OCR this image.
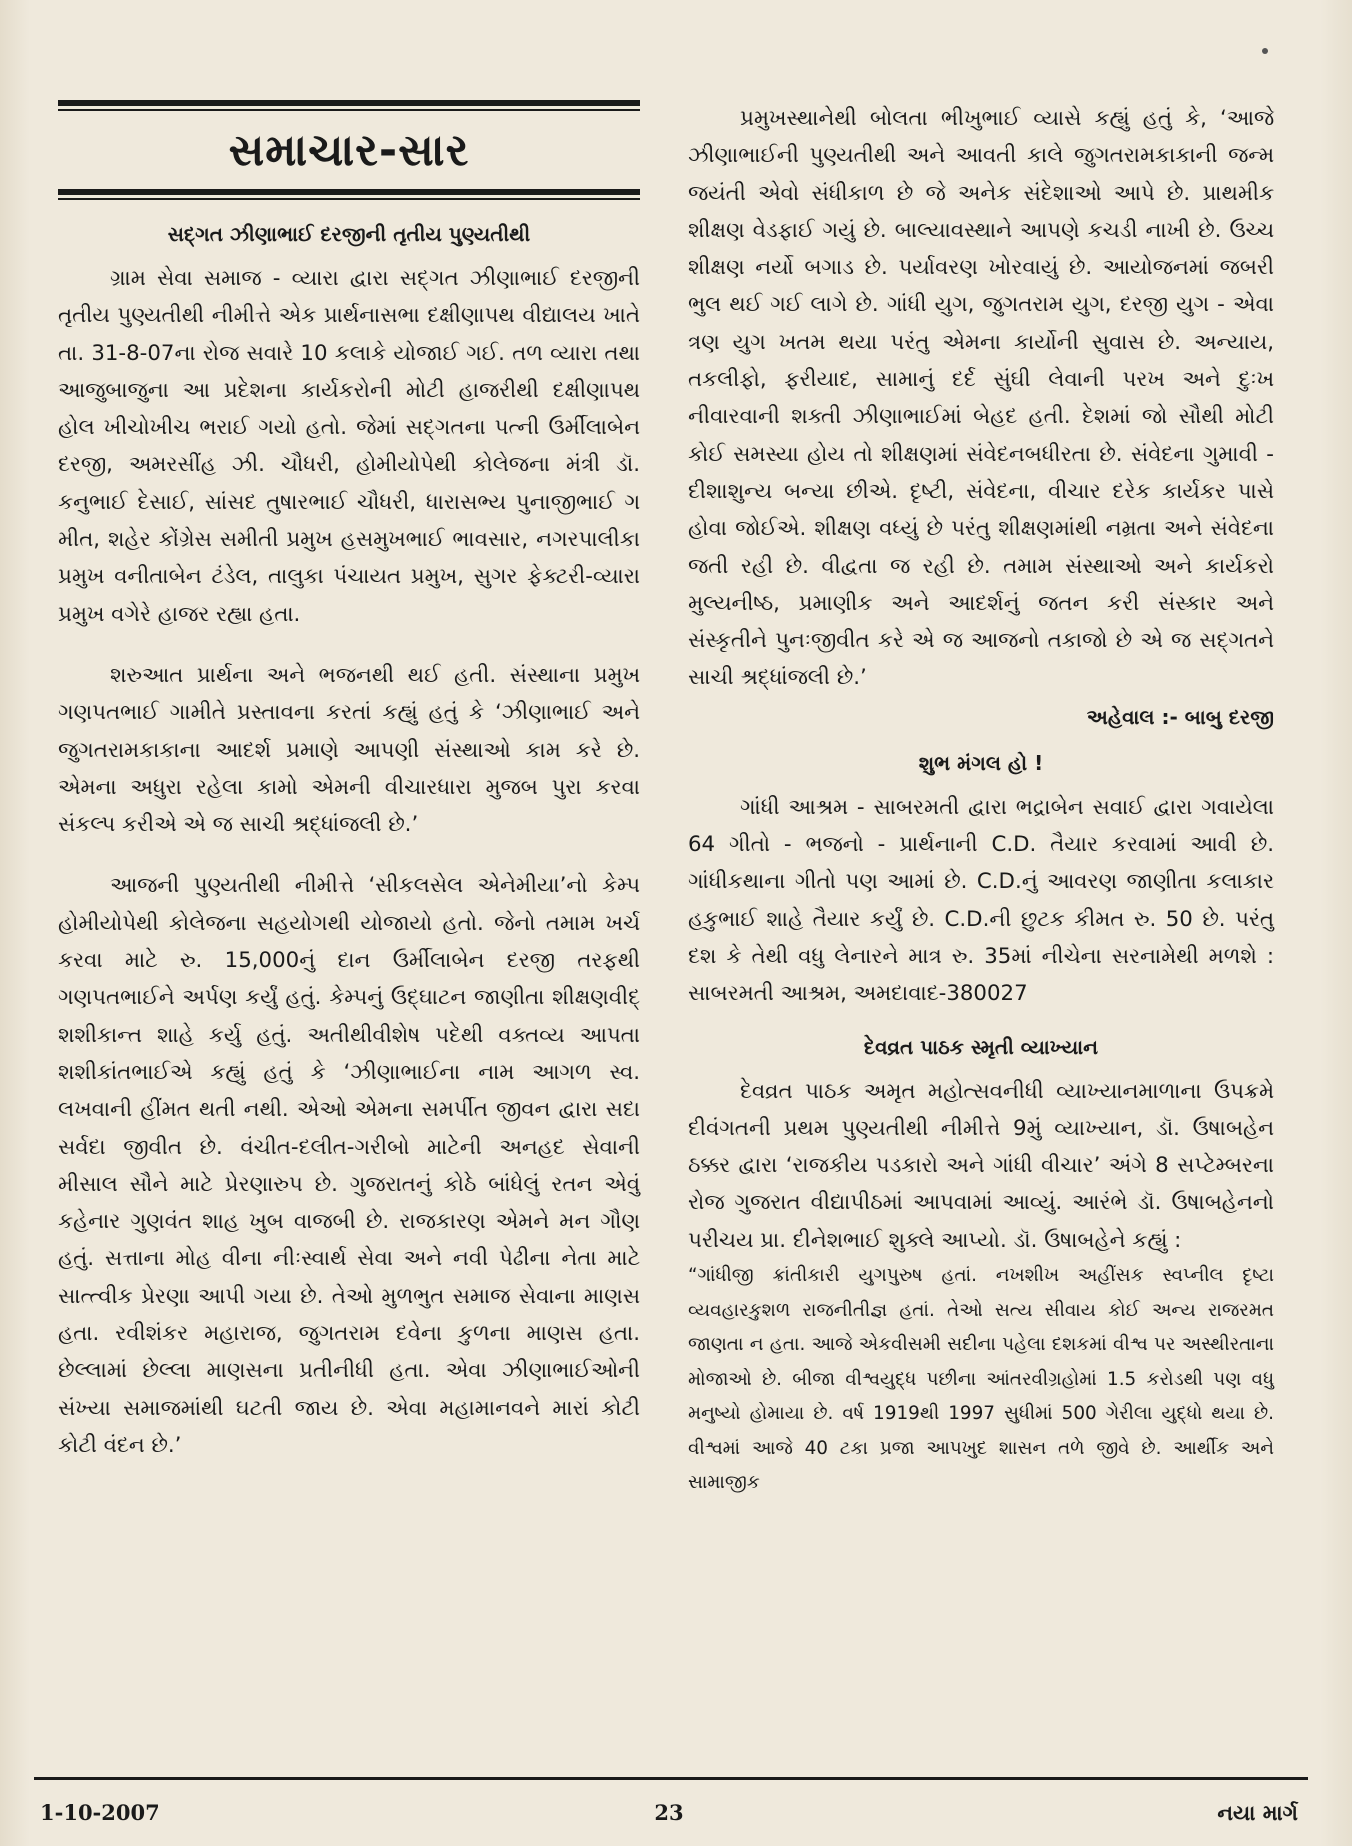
સમાચાર-સાર
સદ્ગત ઝીણાભાઈ દરજીની તૃતીય પુણ્યતીથી

ગ્રામ સેવા સમાજ - વ્યારા દ્વારા સદ્ગત ઝીણાભાઈ દરજીની તૃતીય પુણ્યતીથી નીમીત્તે એક પ્રાર્થનાસભા દક્ષીણાપથ વીદ્યાલય ખાતે તા. 31-8-07ના રોજ સવારે 10 કલાકે યોજાઈ ગઈ. તળ વ્યારા તથા આજુબાજુના આ પ્રદેશના કાર્યકરોની મોટી હાજરીથી દક્ષીણાપથ હોલ ખીચોખીચ ભરાઈ ગયો હતો. જેમાં સદ્ગતના પત્ની ઉર્મીલાબેન દરજી, અમરસીંહ ઝી. ચૌધરી, હોમીયોપેથી કોલેજના મંત્રી ડૉ. કનુભાઈ દેસાઈ, સાંસદ તુષારભાઈ ચૌધરી, ધારાસભ્ય પુનાજીભાઈ ગ મીત, શહેર કોંગ્રેસ સમીતી પ્રમુખ હસમુખભાઈ ભાવસાર, નગરપાલીકા પ્રમુખ વનીતાબેન ટંડેલ, તાલુકા પંચાયત પ્રમુખ, સુગર ફેક્ટરી-વ્યારા પ્રમુખ વગેરે હાજર રહ્યા હતા.

શરુઆત પ્રાર્થના અને ભજનથી થઈ હતી. સંસ્થાના પ્રમુખ ગણપતભાઈ ગામીતે પ્રસ્તાવના કરતાં કહ્યું હતું કે ‘ઝીણાભાઈ અને જુગતરામકાકાના આદર્શ પ્રમાણે આપણી સંસ્થાઓ કામ કરે છે. એમના અધુરા રહેલા કામો એમની વીચારધારા મુજબ પુરા કરવા સંકલ્પ કરીએ એ જ સાચી શ્રદ્ધાંજલી છે.’

આજની પુણ્યતીથી નીમીત્તે ‘સીકલસેલ એનેમીયા’નો કેમ્પ હોમીયોપેથી કોલેજના સહયોગથી યોજાયો હતો. જેનો તમામ ખર્ચ કરવા માટે રુ. 15,000નું દાન ઉર્મીલાબેન દરજી તરફથી ગણપતભાઈને અર્પણ કર્યું હતું. કેમ્પનું ઉદ્ઘાટન જાણીતા શીક્ષણવીદ્ શશીકાન્ત શાહે કર્યુ હતું. અતીથીવીશેષ પદેથી વક્તવ્ય આપતા શશીકાંતભાઈએ કહ્યું હતું કે ‘ઝીણાભાઈના નામ આગળ સ્વ. લખવાની હીંમત થતી નથી. એઓ એમના સમર્પીત જીવન દ્વારા સદા સર્વદા જીવીત છે. વંચીત-દલીત-ગરીબો માટેની અનહદ સેવાની મીસાલ સૌને માટે પ્રેરણારુપ છે. ગુજરાતનું કોઠે બાંધેલું રતન એવું કહેનાર ગુણવંત શાહ ખુબ વાજબી છે. રાજકારણ એમને મન ગૌણ હતું. સત્તાના મોહ વીના નીઃસ્વાર્થ સેવા અને નવી પેઢીના નેતા માટે સાત્ત્વીક પ્રેરણા આપી ગયા છે. તેઓ મુળભુત સમાજ સેવાના માણસ હતા. રવીશંકર મહારાજ, જુગતરામ દવેના કુળના માણસ હતા. છેલ્લામાં છેલ્લા માણસના પ્રતીનીધી હતા. એવા ઝીણાભાઈઓની સંખ્યા સમાજમાંથી ઘટતી જાય છે. એવા મહામાનવને મારાં કોટી કોટી વંદન છે.’

પ્રમુખસ્થાનેથી બોલતા ભીખુભાઈ વ્યાસે કહ્યું હતું કે, ‘આજે ઝીણાભાઈની પુણ્યતીથી અને આવતી કાલે જુગતરામકાકાની જન્મ જયંતી એવો સંધીકાળ છે જે અનેક સંદેશાઓ આપે છે. પ્રાથમીક શીક્ષણ વેડફાઈ ગયું છે. બાલ્યાવસ્થાને આપણે કચડી નાખી છે. ઉચ્ચ શીક્ષણ નર્યો બગાડ છે. પર્યાવરણ ખોરવાયું છે. આયોજનમાં જબરી ભુલ થઈ ગઈ લાગે છે. ગાંધી યુગ, જુગતરામ યુગ, દરજી યુગ - એવા ત્રણ યુગ ખતમ થયા પરંતુ એમના કાર્યોની સુવાસ છે. અન્યાય, તકલીફો, ફરીયાદ, સામાનું દર્દ સુંઘી લેવાની પરખ અને દુઃખ નીવારવાની શક્તી ઝીણાભાઈમાં બેહદ હતી. દેશમાં જો સૌથી મોટી કોઈ સમસ્યા હોય તો શીક્ષણમાં સંવેદનબધીરતા છે. સંવેદના ગુમાવી - દીશાશુન્ય બન્યા છીએ. દૃષ્ટી, સંવેદના, વીચાર દરેક કાર્યકર પાસે હોવા જોઈએ. શીક્ષણ વધ્યું છે પરંતુ શીક્ષણમાંથી નમ્રતા અને સંવેદના જતી રહી છે. વીદ્વતા જ રહી છે. તમામ સંસ્થાઓ અને કાર્યકરો મુલ્યનીષ્ઠ, પ્રમાણીક અને આદર્શનું જતન કરી સંસ્કાર અને સંસ્કૃતીને પુનઃજીવીત કરે એ જ આજનો તકાજો છે એ જ સદ્ગતને સાચી શ્રદ્ધાંજલી છે.’

અહેવાલ :- બાબુ દરજી
શુભ મંગલ હો !

ગાંધી આશ્રમ - સાબરમતી દ્વારા ભદ્રાબેન સવાઈ દ્વારા ગવાયેલા 64 ગીતો - ભજનો - પ્રાર્થનાની C.D. તૈયાર કરવામાં આવી છે. ગાંધીકથાના ગીતો પણ આમાં છે. C.D.નું આવરણ જાણીતા કલાકાર હકુભાઈ શાહે તૈયાર કર્યું છે. C.D.ની છુટક કીમત રુ. 50 છે. પરંતુ દશ કે તેથી વધુ લેનારને માત્ર રુ. 35માં નીચેના સરનામેથી મળશે : સાબરમતી આશ્રમ, અમદાવાદ-380027

દેવવ્રત પાઠક સ્મૃતી વ્યાખ્યાન

દેવવ્રત પાઠક અમૃત મહોત્સવનીધી વ્યાખ્યાનમાળાના ઉપક્રમે દીવંગતની પ્રથમ પુણ્યતીથી નીમીત્તે 9મું વ્યાખ્યાન, ડૉ. ઉષાબહેન ઠક્કર દ્વારા ‘રાજકીય પડકારો અને ગાંધી વીચાર’ અંગે 8 સપ્ટેમ્બરના રોજ ગુજરાત વીદ્યાપીઠમાં આપવામાં આવ્યું. આરંભે ડૉ. ઉષાબહેનનો પરીચય પ્રા. દીનેશભાઈ શુક્લે આપ્યો. ડૉ. ઉષાબહેને કહ્યું :

“ગાંધીજી ક્રાંતીકારી યુગપુરુષ હતાં. નખશીખ અહીંસક સ્વપ્નીલ દૃષ્ટા વ્યવહારકુશળ રાજનીતીજ્ઞ હતાં. તેઓ સત્ય સીવાય કોઈ અન્ય રાજરમત જાણતા ન હતા. આજે એકવીસમી સદીના પહેલા દશકમાં વીશ્વ પર અસ્થીરતાના મોજાઓ છે. બીજા વીશ્વયુદ્ધ પછીના આંતરવીગ્રહોમાં 1.5 કરોડથી પણ વધુ મનુષ્યો હોમાયા છે. વર્ષ 1919થી 1997 સુધીમાં 500 ગેરીલા યુદ્ધો થયા છે. વીશ્વમાં આજે 40 ટકા પ્રજા આપખુદ શાસન તળે જીવે છે. આર્થીક અને સામાજીક

1-10-2007	23	નયા માર્ગ
